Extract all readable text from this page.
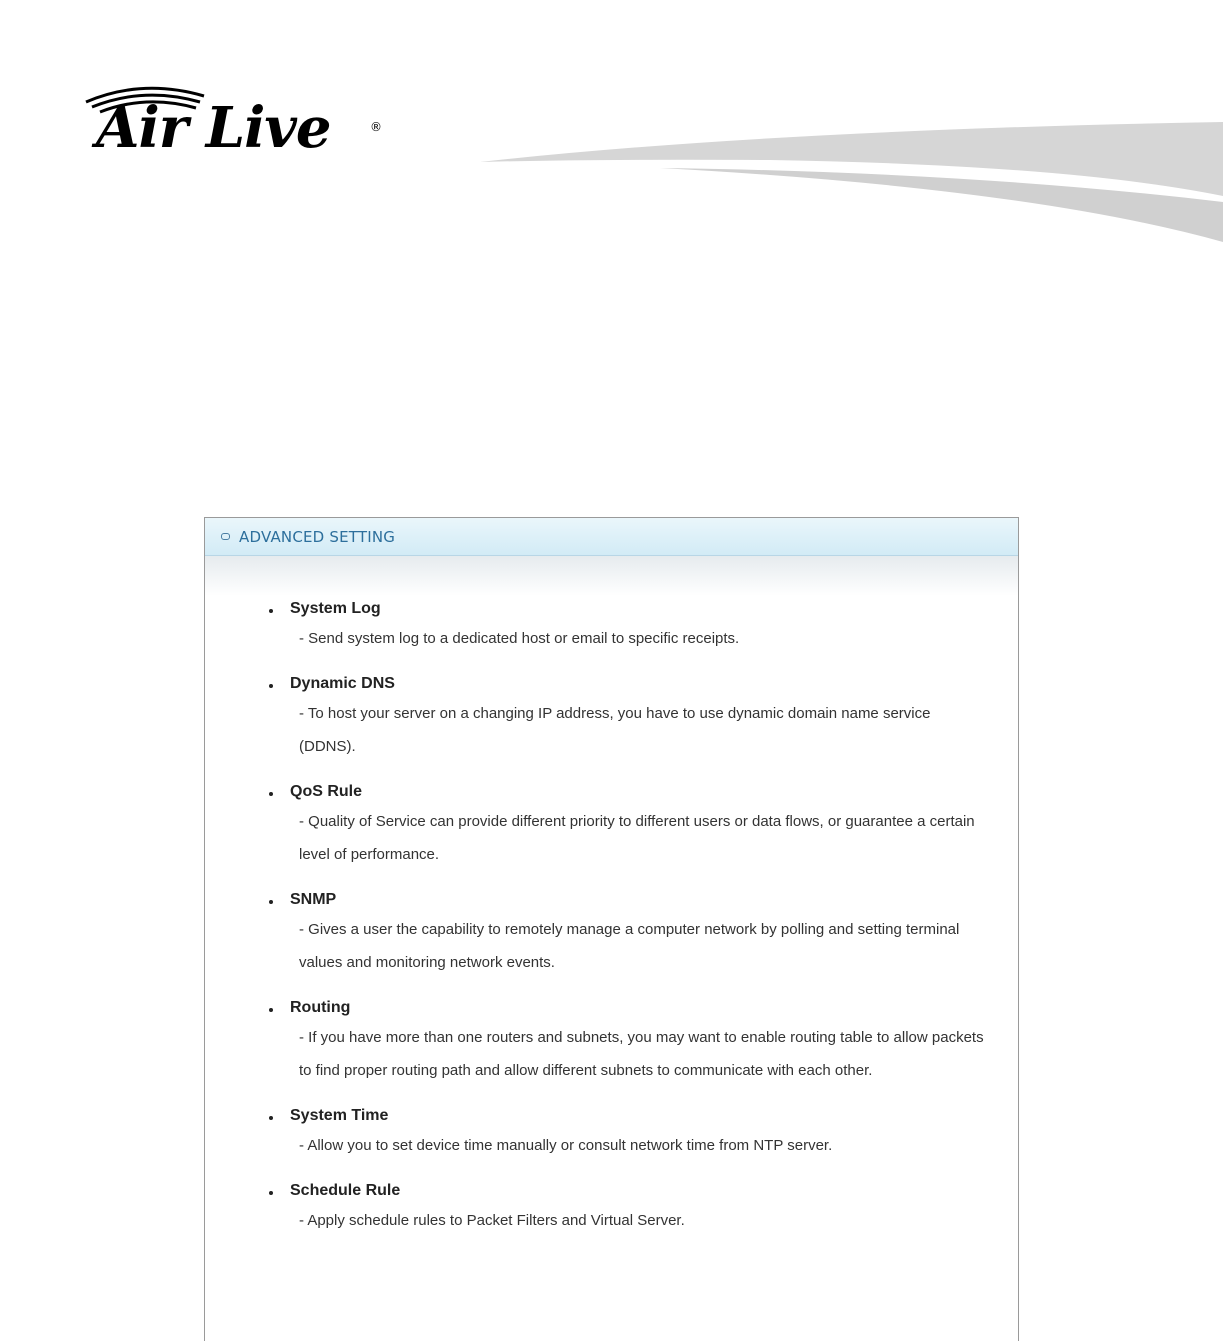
Air Live	®
ADVANCED SETTING
System Log
- Send system log to a dedicated host or email to specific receipts.
Dynamic DNS
- To host your server on a changing IP address, you have to use dynamic domain name service (DDNS).
QoS Rule
- Quality of Service can provide different priority to different users or data flows, or guarantee a certain level of performance.
SNMP
- Gives a user the capability to remotely manage a computer network by polling and setting terminal values and monitoring network events.
Routing
- If you have more than one routers and subnets, you may want to enable routing table to allow packets to find proper routing path and allow different subnets to communicate with each other.
System Time
- Allow you to set device time manually or consult network time from NTP server.
Schedule Rule
- Apply schedule rules to Packet Filters and Virtual Server.
